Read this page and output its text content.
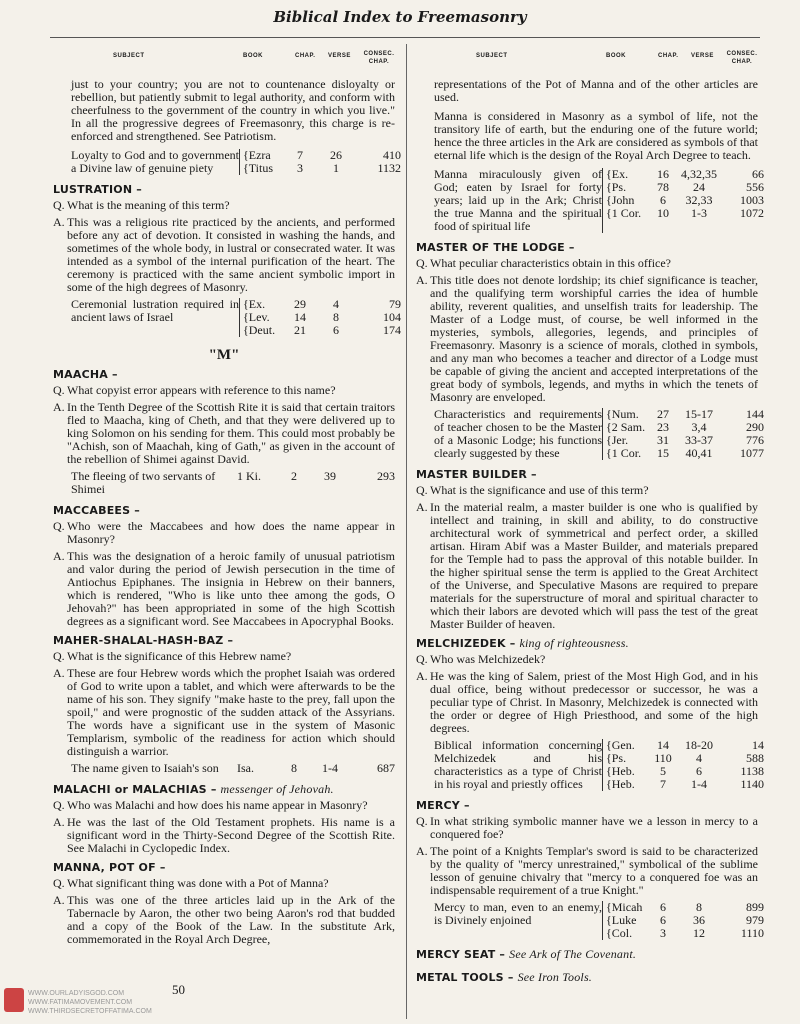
Biblical Index to Freemasonry
SUBJECT	BOOK	CHAP. VERSE	CONSEC. CHAP.
just to your country; you are not to countenance disloyalty or rebellion, but patiently submit to legal authority, and conform with cheerfulness to the government of the country in which you live." In all the progressive degrees of Freemasonry, this charge is re-enforced and strengthened. See Patriotism.
Loyalty to God and to government a Divine law of genuine piety
{Ezra	7	26	410
{Titus	3	1	1132
LUSTRATION –
Q. What is the meaning of this term?
A. This was a religious rite practiced by the ancients, and performed before any act of devotion. It consisted in washing the hands, and sometimes of the whole body, in lustral or consecrated water. It was intended as a symbol of the internal purification of the heart. The ceremony is practiced with the same ancient symbolic import in some of the high degrees of Masonry.
Ceremonial lustration required in ancient laws of Israel
{Ex.	29	4	79
{Lev.	14	8	104
{Deut.	21	6	174
"M"
MAACHA –
Q. What copyist error appears with reference to this name?
A. In the Tenth Degree of the Scottish Rite it is said that certain traitors fled to Maacha, king of Cheth, and that they were delivered up to king Solomon on his sending for them. This could most probably be "Achish, son of Maachah, king of Gath," as given in the account of the rebellion of Shimei against David.
The fleeing of two servants of Shimei
1 Ki.	2	39	293
MACCABEES –
Q. Who were the Maccabees and how does the name appear in Masonry?
A. This was the designation of a heroic family of unusual patriotism and valor during the period of Jewish persecution in the time of Antiochus Epiphanes. The insignia in Hebrew on their banners, which is rendered, "Who is like unto thee among the gods, O Jehovah?" has been appropriated in some of the high Scottish degrees as a significant word. See Maccabees in Apocryphal Books.
MAHER-SHALAL-HASH-BAZ –
Q. What is the significance of this Hebrew name?
A. These are four Hebrew words which the prophet Isaiah was ordered of God to write upon a tablet, and which were afterwards to be the name of his son. They signify "make haste to the prey, fall upon the spoil," and were prognostic of the sudden attack of the Assyrians. The words have a significant use in the system of Masonic Templarism, symbolic of the readiness for action which should distinguish a warrior.
The name given to Isaiah's son	Isa.	8	1-4	687
MALACHI or MALACHIAS – messenger of Jehovah.
Q. Who was Malachi and how does his name appear in Masonry?
A. He was the last of the Old Testament prophets. His name is a significant word in the Thirty-Second Degree of the Scottish Rite. See Malachi in Cyclopedic Index.
MANNA, POT OF –
Q. What significant thing was done with a Pot of Manna?
A. This was one of the three articles laid up in the Ark of the Tabernacle by Aaron, the other two being Aaron's rod that budded and a copy of the Book of the Law. In the substitute Ark, commemorated in the Royal Arch Degree,
SUBJECT	BOOK	CHAP. VERSE	CONSEC. CHAP.
representations of the Pot of Manna and of the other articles are used.
Manna is considered in Masonry as a symbol of life, not the transitory life of earth, but the enduring one of the future world; hence the three articles in the Ark are considered as symbols of that eternal life which is the design of the Royal Arch Degree to teach.
Manna miraculously given of God; eaten by Israel for forty years; laid up in the Ark; Christ the true Manna and the spiritual food of spiritual life
{Ex.	16	4,32,35	66
{Ps.	78	24	556
{John	6	32,33	1003
{1 Cor.	10	1-3	1072
MASTER OF THE LODGE –
Q. What peculiar characteristics obtain in this office?
A. This title does not denote lordship; its chief significance is teacher, and the qualifying term worshipful carries the idea of humble ability, reverent qualities, and unselfish traits for leadership. The Master of a Lodge must, of course, be well informed in the mysteries, symbols, allegories, legends, and principles of Freemasonry. Masonry is a science of morals, clothed in symbols, and any man who becomes a teacher and director of a Lodge must be capable of giving the ancient and accepted interpretations of the great body of symbols, legends, and myths in which the tenets of Masonry are enveloped.
Characteristics and requirements of teacher chosen to be the Master of a Masonic Lodge; his functions clearly suggested by these
{Num.	27	15-17	144
{2 Sam. 23	3,4	290
{Jer.	31	33-37	776
{1 Cor.	15	40,41	1077
MASTER BUILDER –
Q. What is the significance and use of this term?
A. In the material realm, a master builder is one who is qualified by intellect and training, in skill and ability, to do constructive architectural work of symmetrical and perfect order, a skilled artisan. Hiram Abif was a Master Builder, and materials prepared for the Temple had to pass the approval of this notable builder. In the higher spiritual sense the term is applied to the Great Architect of the Universe, and Speculative Masons are required to prepare materials for the superstructure of moral and spiritual character to which their labors are devoted which will pass the test of the great Master Builder of heaven.
MELCHIZEDEK – king of righteousness.
Q. Who was Melchizedek?
A. He was the king of Salem, priest of the Most High God, and in his dual office, being without predecessor or successor, he was a peculiar type of Christ. In Masonry, Melchizedek is connected with the order or degree of High Priesthood, and some of the high degrees.
Biblical information concerning Melchizedek and his characteristics as a type of Christ in his royal and priestly offices
{Gen.	14	18-20	14
{Ps.	110	4	588
{Heb.	5	6	1138
{Heb.	7	1-4	1140
MERCY –
Q. In what striking symbolic manner have we a lesson in mercy to a conquered foe?
A. The point of a Knights Templar's sword is said to be characterized by the quality of "mercy unrestrained," symbolical of the sublime lesson of genuine chivalry that "mercy to a conquered foe was an indispensable requirement of a true Knight."
Mercy to man, even to an enemy, is Divinely enjoined
{Micah	6	8	899
{Luke	6	36	979
{Col.	3	12	1110
MERCY SEAT – See Ark of The Covenant.
METAL TOOLS – See Iron Tools.
50
WWW.OURLADYISGOD.COM
WWW.FATIMAMOVEMENT.COM
WWW.THIRDSECRETOFFATIMA.COM
